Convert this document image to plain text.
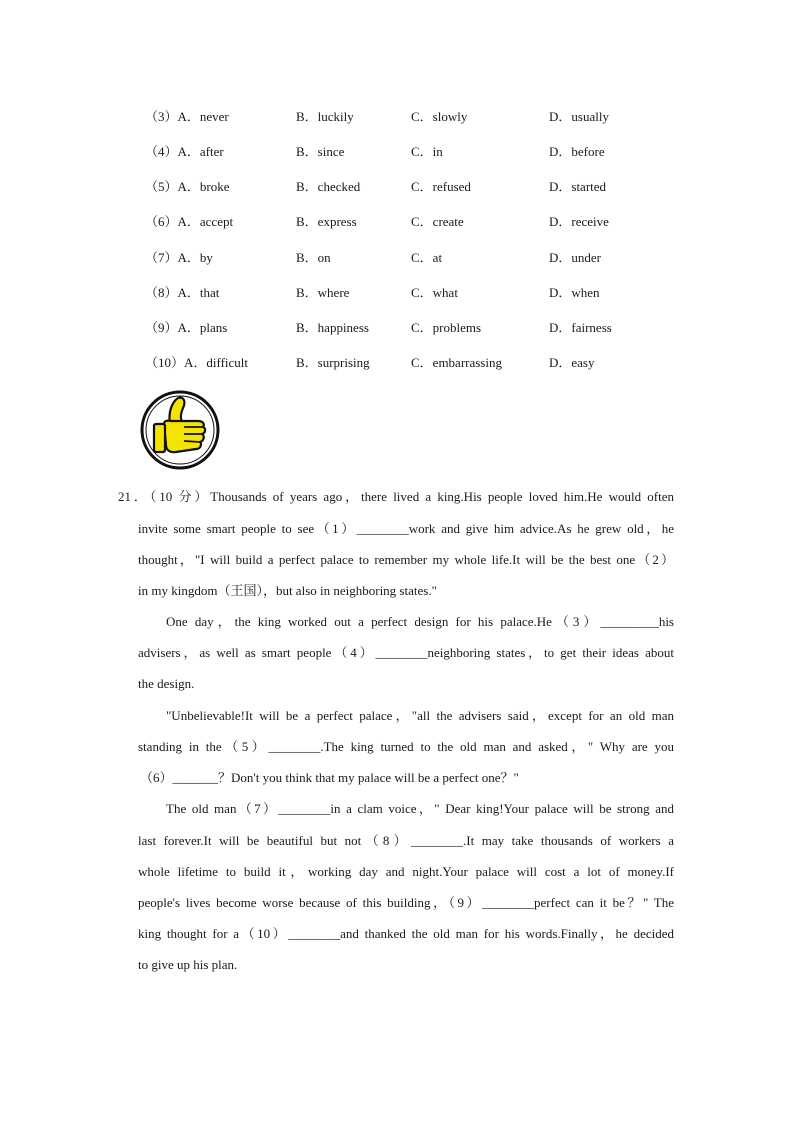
（3）A．never	B．luckily	C．slowly	D．usually
（4）A．after	B．since	C．in	D．before
（5）A．broke	B．checked	C．refused	D．started
（6）A．accept	B．express	C．create	D．receive
（7）A．by	B．on	C．at	D．under
（8）A．that	B．where	C．what	D．when
（9）A．plans	B．happiness	C．problems	D．fairness
（10）A．difficult	B．surprising	C．embarrassing	D．easy
21．（10 分）Thousands of years ago，there lived a king.His people loved him.He would often
invite some smart people to see（1）________work and give him advice.As he grew old，he
thought，"I will build a perfect palace to remember my whole life.It will be the best one（2）
in my kingdom（王国），but also in neighboring states."
One day，the king worked out a perfect design for his palace.He（3）_________his
advisers，as well as smart people（4）________neighboring states，to get their ideas about
the design.
"Unbelievable!It will be a perfect palace，"all the advisers said，except for an old man
standing in the（5）________.The king turned to the old man and asked，" Why are you
（6）_______？Don't you think that my palace will be a perfect one？"
The old man（7）________in a clam voice，" Dear king!Your palace will be strong and
last forever.It will be beautiful but not（8）________.It may take thousands of workers a
whole lifetime to build it，working day and night.Your palace will cost a lot of money.If
people's lives become worse because of this building，（9）________perfect can it be？" The
king thought for a（10）________and thanked the old man for his words.Finally，he decided
to give up his plan.
